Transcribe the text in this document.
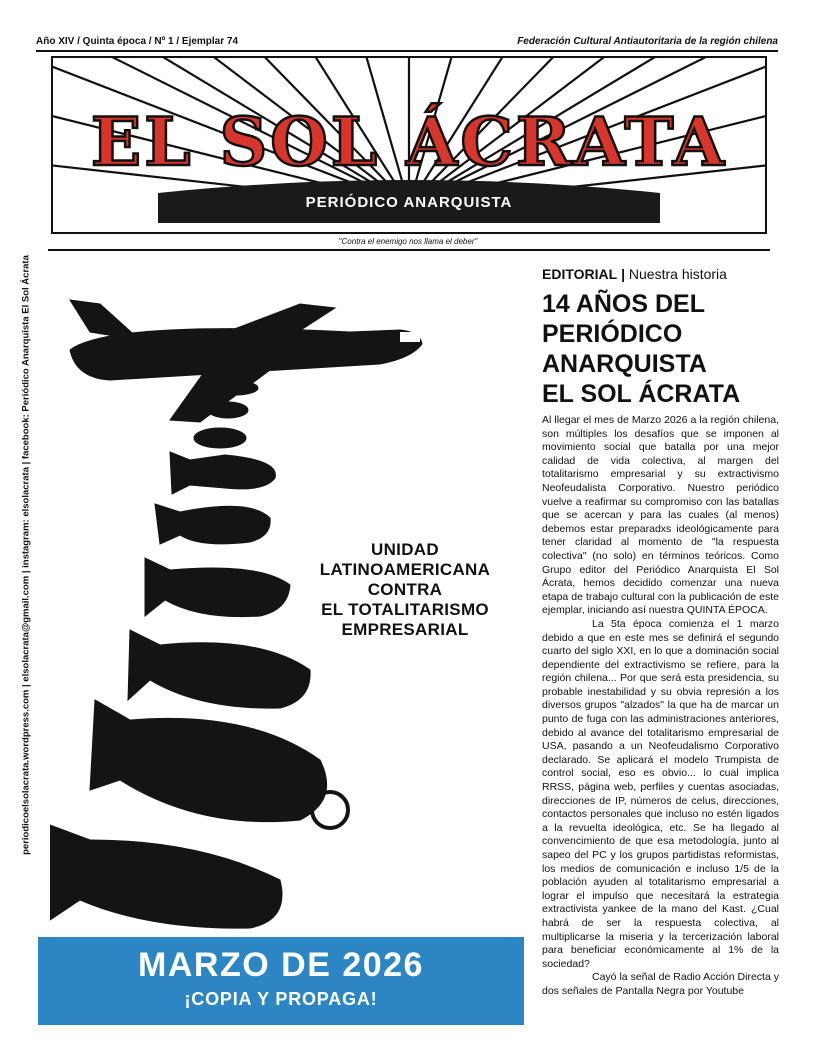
Año XIV / Quinta época / Nº 1 / Ejemplar 74	Federación Cultural Antiautoritaria de la región chilena
EL SOL ÁCRATA
PERIÓDICO ANARQUISTA
"Contra el enemigo nos llama el deber"
periodicoelsolacrata.wordpress.com | elsolacrata@gmail.com | instagram: elsolacrata | facebook: Periódico Anarquista El Sol Ácrata	UNIDAD
LATINOAMERICANA
CONTRA
EL TOTALITARISMO
EMPRESARIAL
MARZO DE 2026
¡COPIA Y PROPAGA!
EDITORIAL | Nuestra historia
14 AÑOS DEL
PERIÓDICO
ANARQUISTA
EL SOL ÁCRATA

Al llegar el mes de Marzo 2026 a la región chilena, son múltiples los desafíos que se imponen al movimiento social que batalla por una mejor calidad de vida colectiva, al margen del totalitarismo empresarial y su extractivismo Neofeudalista Corporativo. Nuestro periódico vuelve a reafirmar su compromiso con las batallas que se acercan y para las cuales (al menos) debemos estar preparadxs ideológicamente para tener claridad al momento de "la respuesta colectiva" (no solo) en términos teóricos. Como Grupo editor del Periódico Anarquista El Sol Ácrata, hemos decidido comenzar una nueva etapa de trabajo cultural con la publicación de este ejemplar, iniciando así nuestra QUINTA ÉPOCA.

La 5ta época comienza el 1 marzo debido a que en este mes se definirá el segundo cuarto del siglo XXI, en lo que a dominación social dependiente del extractivismo se refiere, para la región chilena... Por que será esta presidencia, su probable inestabilidad y su obvia represión a los diversos grupos "alzados" la que ha de marcar un punto de fuga con las administraciones anteriores, debido al avance del totalitarismo empresarial de USA, pasando a un Neofeudalismo Corporativo declarado. Se aplicará el modelo Trumpista de control social, eso es obvio... lo cual implica RRSS, página web, perfiles y cuentas asociadas, direcciones de IP, números de celus, direcciones, contactos personales que incluso no estén ligados a la revuelta ideológica, etc. Se ha llegado al convencimiento de que esa metodología, junto al sapeo del PC y los grupos partidistas reformistas, los medios de comunicación e incluso 1/5 de la población ayuden al totalitarismo empresarial a lograr el impulso que necesitará la estrategia extractivista yankee de la mano del Kast. ¿Cual habrá de ser la respuesta colectiva, al multiplicarse la miseria y la tercerización laboral para beneficiar económicamente al 1% de la sociedad?

Cayó la señal de Radio Acción Directa y dos señales de Pantalla Negra por Youtube
